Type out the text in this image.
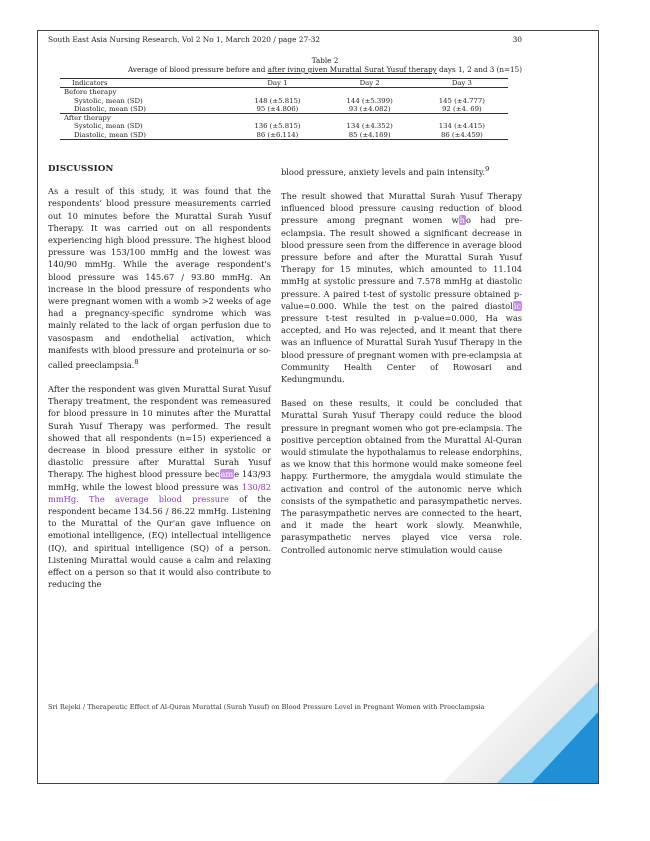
South East Asia Nursing Research, Vol 2 No 1, March 2020 / page 27-32	30
Table 2
Average of blood pressure before and after iving given Murattal Surat Yusuf therapy days 1, 2 and 3 (n=15)
Indicators	Day 1	Day 2	Day 3
Before therapy			
Systolic, mean (SD)	148 (±5.815)	144 (±5.399)	145 (±4.777)
Diastolic, mean (SD)	95 (±4.806)	93 (±4.082)	92 (±4. 69)
After therapy			
Systolic, mean (SD)	136 (±5.815)	134 (±4.352)	134 (±4.415)
Diastolic, mean (SD)	86 (±6.114)	85 (±4.169)	86 (±4.459)
DISCUSSION

As a result of this study, it was found that the respondents' blood pressure measurements carried out 10 minutes before the Murattal Surah Yusuf Therapy. It was carried out on all respondents experiencing high blood pressure. The highest blood pressure was 153/100 mmHg and the lowest was 140/90 mmHg. While the average respondent's blood pressure was 145.67 / 93.80 mmHg. An increase in the blood pressure of respondents who were pregnant women with a womb >2 weeks of age had a pregnancy-specific syndrome which was mainly related to the lack of organ perfusion due to vasospasm and endothelial activation, which manifests with blood pressure and proteinuria or so-called preeclampsia.$^8$

After the respondent was given Murattal Surat Yusuf Therapy treatment, the respondent was remeasured for blood pressure in 10 minutes after the Murattal Surah Yusuf Therapy was performed. The result showed that all respondents (n=15) experienced a decrease in blood pressure either in systolic or diastolic pressure after Murattal Surah Yusuf Therapy. The highest blood pressure became 143/93 mmHg, while the lowest blood pressure was 130/82 mmHg. The average blood pressure of the respondent became 134.56 / 86.22 mmHg. Listening to the Murattal of the Qur'an gave influence on emotional intelligence, (EQ) intellectual intelligence (IQ), and spiritual intelligence (SQ) of a person. Listening Murattal would cause a calm and relaxing effect on a person so that it would also contribute to reducing the

blood pressure, anxiety levels and pain intensity.$^9$

The result showed that Murattal Surah Yusuf Therapy influenced blood pressure causing reduction of blood pressure among pregnant women who had pre-eclampsia. The result showed a significant decrease in blood pressure seen from the difference in average blood pressure before and after the Murattal Surah Yusuf Therapy for 15 minutes, which amounted to 11.104 mmHg at systolic pressure and 7.578 mmHg at diastolic pressure. A paired t-test of systolic pressure obtained p-value=0.000. While the test on the paired diastolic pressure t-test resulted in p-value=0.000, Ha was accepted, and Ho was rejected, and it meant that there was an influence of Murattal Surah Yusuf Therapy in the blood pressure of pregnant women with pre-eclampsia at Community Health Center of Rowosari and Kedungmundu.

Based on these results, it could be concluded that Murattal Surah Yusuf Therapy could reduce the blood pressure in pregnant women who got pre-eclampsia. The positive perception obtained from the Murattal Al-Quran would stimulate the hypothalamus to release endorphins, as we know that this hormone would make someone feel happy. Furthermore, the amygdala would stimulate the activation and control of the autonomic nerve which consists of the sympathetic and parasympathetic nerves. The parasympathetic nerves are connected to the heart, and it made the heart work slowly. Meanwhile, parasympathetic nerves played vice versa role. Controlled autonomic nerve stimulation would cause

Sri Rejeki / Therapeutic Effect of Al-Quran Murattal (Surah Yusuf) on Blood Pressure Level in Pregnant Women with Preeclampsia
